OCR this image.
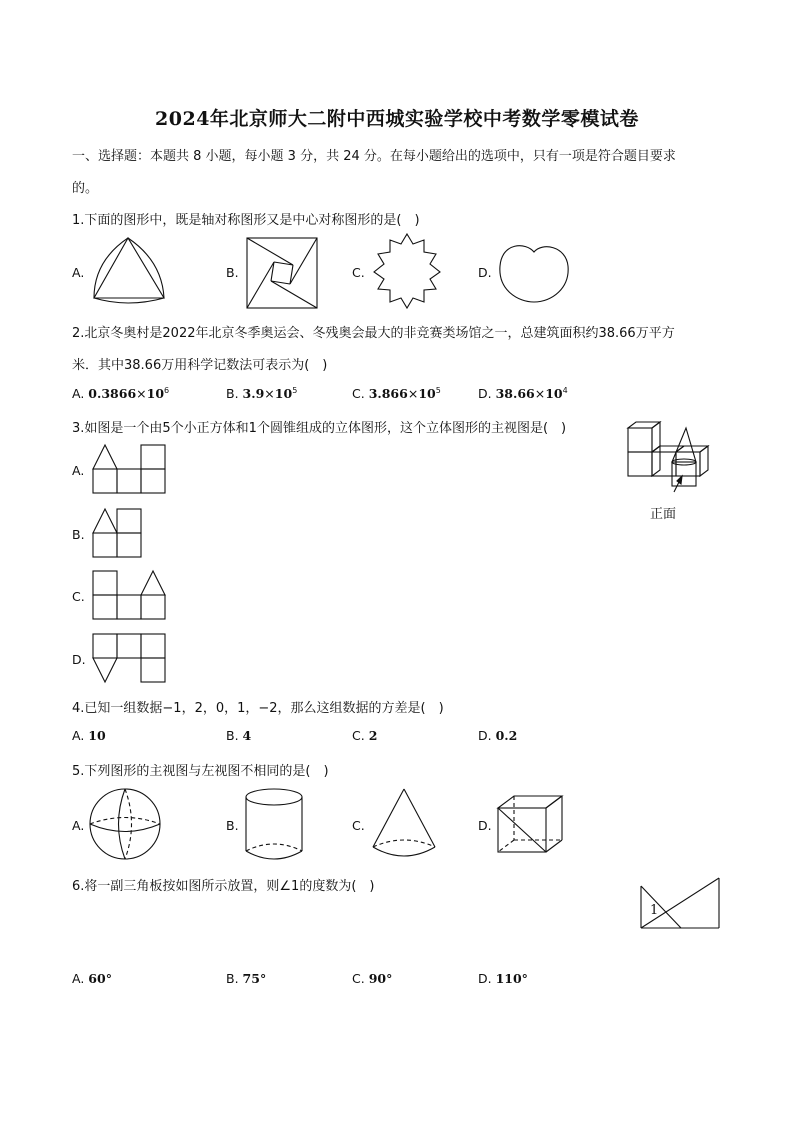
2024年北京师大二附中西城实验学校中考数学零模试卷
一、选择题：本题共 8 小题，每小题 3 分，共 24 分。在每小题给出的选项中，只有一项是符合题目要求
的。
1.下面的图形中，既是轴对称图形又是中心对称图形的是(　)
A.	B.	C.	D.
2.北京冬奥村是2022年北京冬季奥运会、冬残奥会最大的非竞赛类场馆之一，总建筑面积约38.66万平方
米．其中38.66万用科学记数法可表示为(　)
A. $0.3866\times 10^6$	B. $3.9\times 10^5$	C. $3.866\times 10^5$	D. $38.66\times 10^4$
3.如图是一个由5个小正方体和1个圆锥组成的立体图形，这个立体图形的主视图是(　)
正面
A.
B.
C.
D.
4.已知一组数据−1，2，0，1，−2，那么这组数据的方差是(　)
A. 10	B. 4	C. 2	D. 0.2
5.下列图形的主视图与左视图不相同的是(　)
A.	B.	C.	D.
6.将一副三角板按如图所示放置，则∠1的度数为(　)
1
A. 60°	B. 75°	C. 90°	D. 110°
